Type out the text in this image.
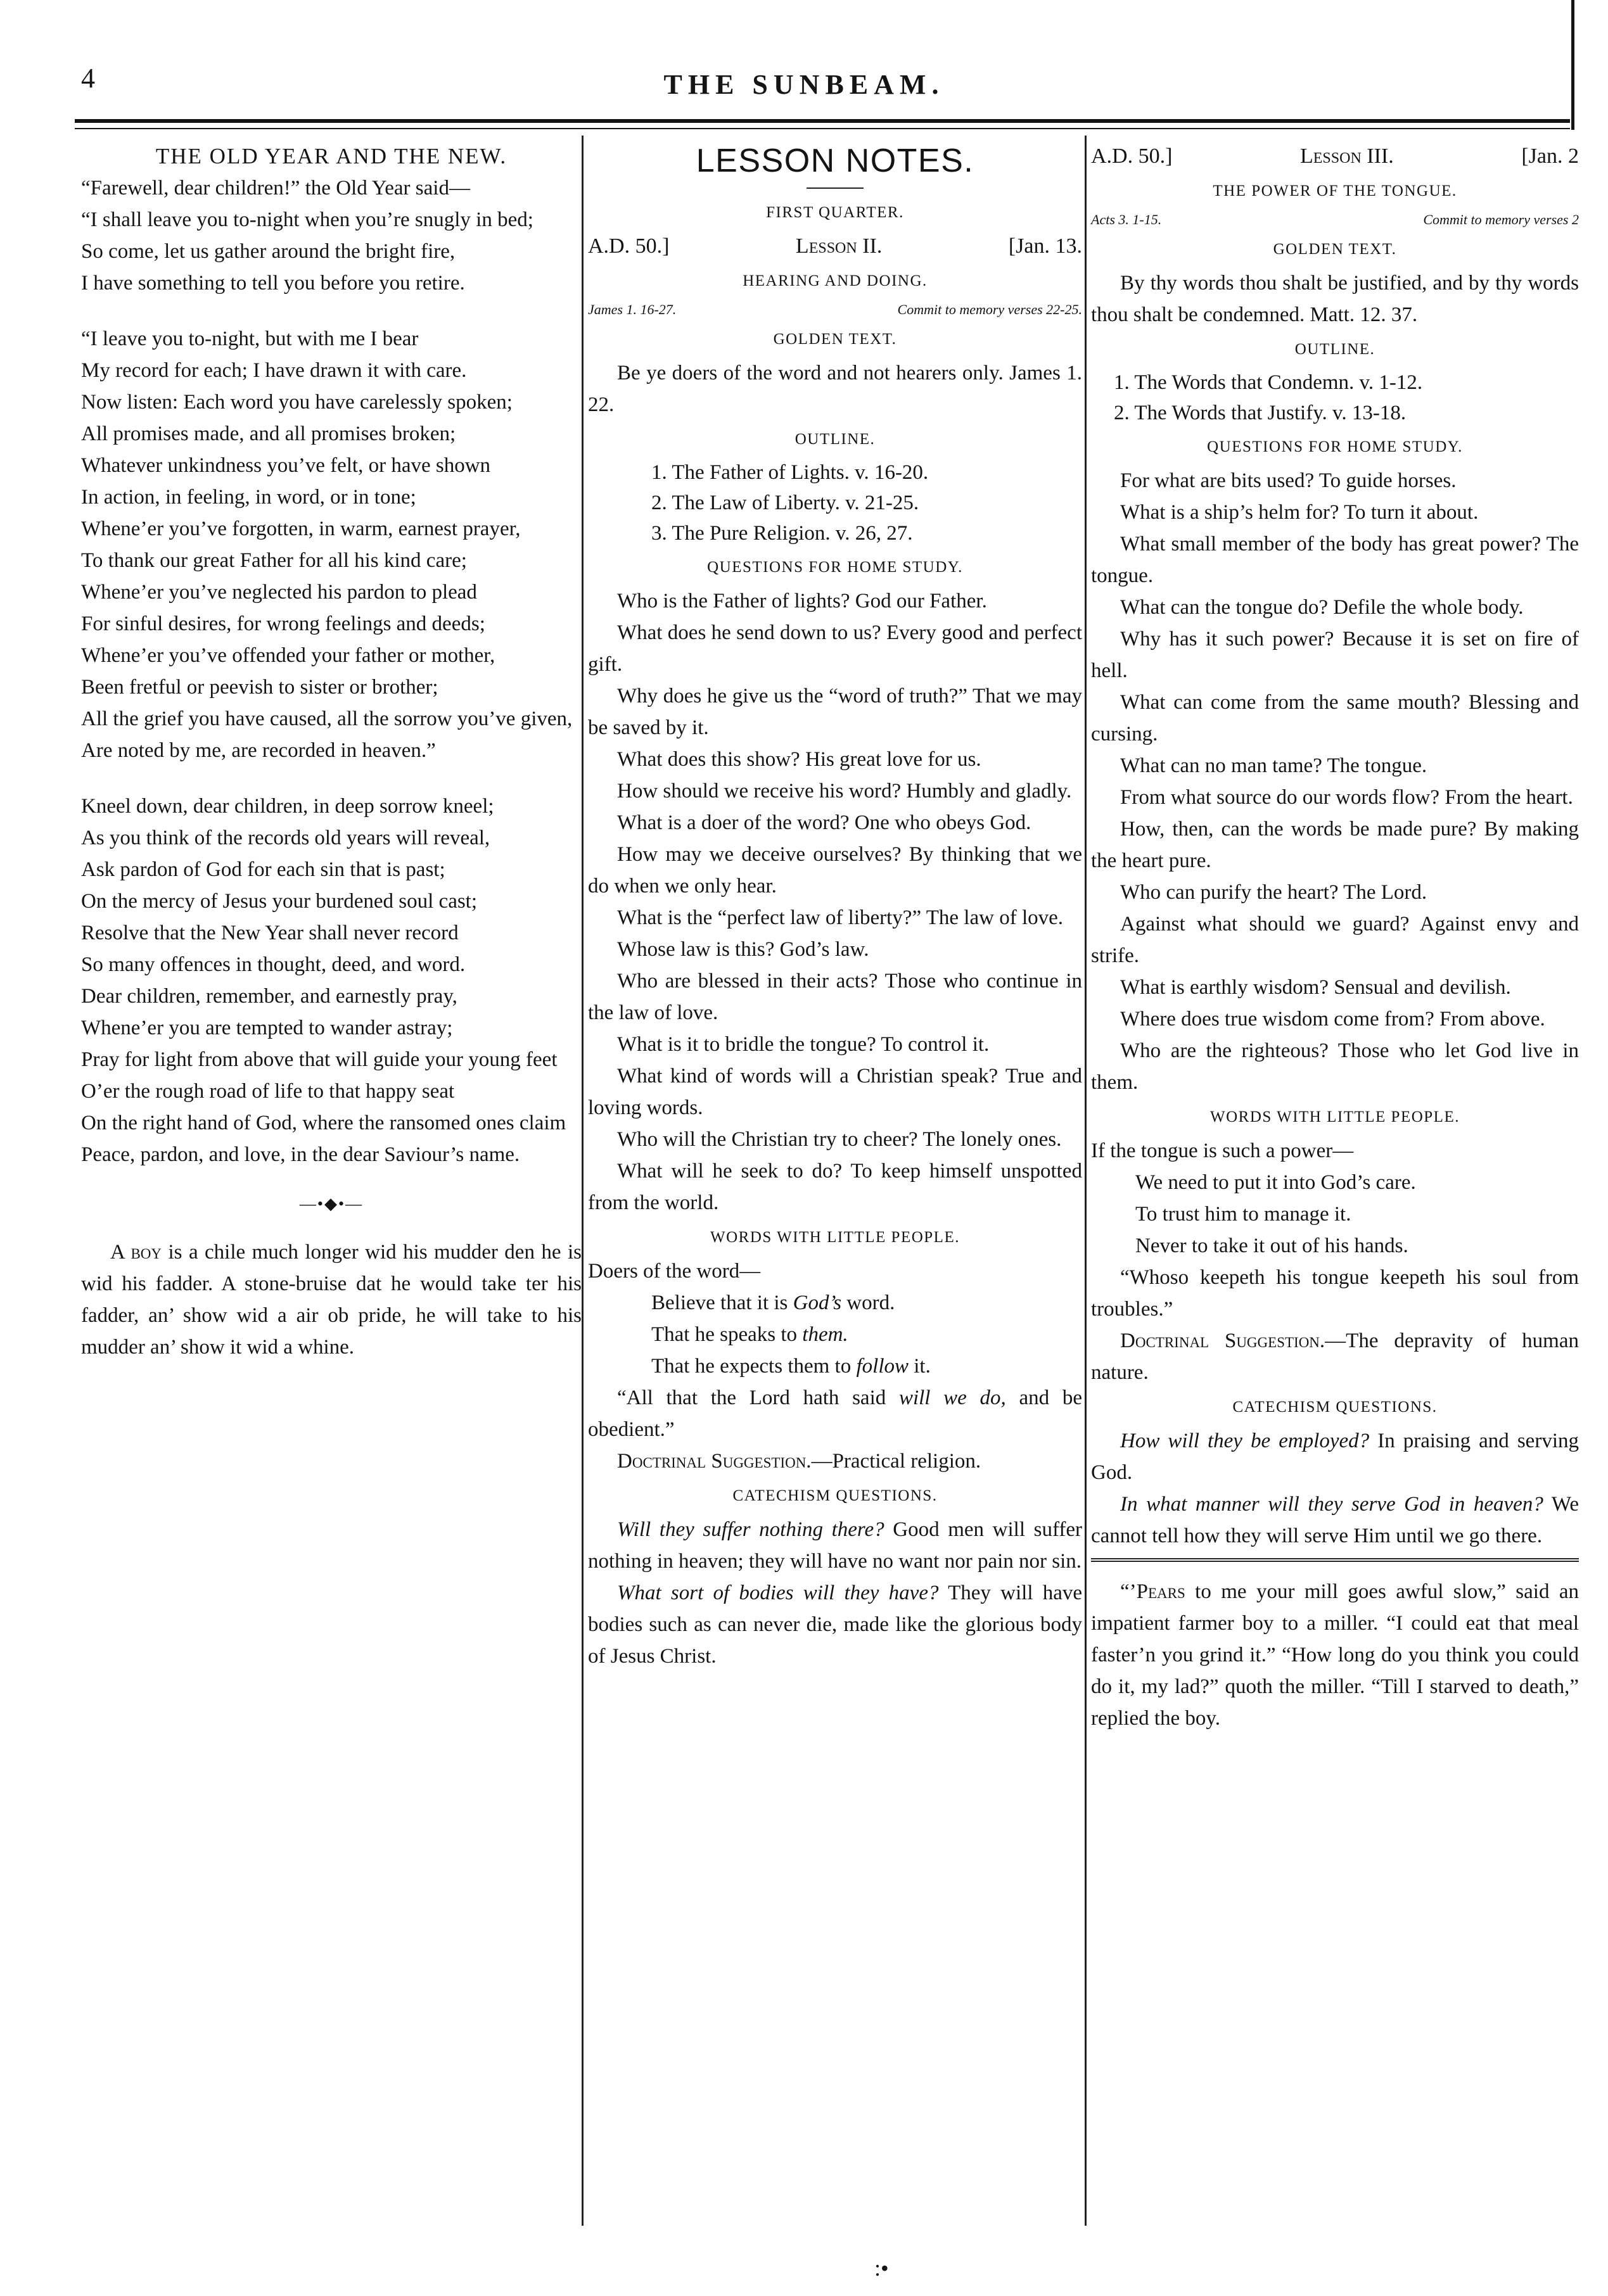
4	THE SUNBEAM.
THE OLD YEAR AND THE NEW.

“Farewell, dear children!” the Old Year said—

“I shall leave you to-night when you’re snugly in bed;

So come, let us gather around the bright fire,

I have something to tell you before you retire.

“I leave you to-night, but with me I bear

My record for each; I have drawn it with care.

Now listen: Each word you have carelessly spoken;

All promises made, and all promises broken;

Whatever unkindness you’ve felt, or have shown

In action, in feeling, in word, or in tone;

Whene’er you’ve forgotten, in warm, earnest prayer,

To thank our great Father for all his kind care;

Whene’er you’ve neglected his pardon to plead

For sinful desires, for wrong feelings and deeds;

Whene’er you’ve offended your father or mother,

Been fretful or peevish to sister or brother;

All the grief you have caused, all the sorrow you’ve given,

Are noted by me, are recorded in heaven.”

Kneel down, dear children, in deep sorrow kneel;

As you think of the records old years will reveal,

Ask pardon of God for each sin that is past;

On the mercy of Jesus your burdened soul cast;

Resolve that the New Year shall never record

So many offences in thought, deed, and word.

Dear children, remember, and earnestly pray,

Whene’er you are tempted to wander astray;

Pray for light from above that will guide your young feet

O’er the rough road of life to that happy seat

On the right hand of God, where the ransomed ones claim

Peace, pardon, and love, in the dear Saviour’s name.

—•◆•—

A boy is a chile much longer wid his mudder den he is wid his fadder. A stone-bruise dat he would take ter his fadder, an’ show wid a air ob pride, he will take to his mudder an’ show it wid a whine.

LESSON NOTES.
FIRST QUARTER.
A.D. 50.]	Lesson II.	[Jan. 13.
HEARING AND DOING.
James 1. 16-27.	Commit to memory verses 22-25.
GOLDEN TEXT.

Be ye doers of the word and not hearers only. James 1. 22.

OUTLINE.
1. The Father of Lights. v. 16-20.
2. The Law of Liberty. v. 21-25.
3. The Pure Religion. v. 26, 27.
QUESTIONS FOR HOME STUDY.

Who is the Father of lights? God our Father.

What does he send down to us? Every good and perfect gift.

Why does he give us the “word of truth?” That we may be saved by it.

What does this show? His great love for us.

How should we receive his word? Humbly and gladly.

What is a doer of the word? One who obeys God.

How may we deceive ourselves? By thinking that we do when we only hear.

What is the “perfect law of liberty?” The law of love.

Whose law is this? God’s law.

Who are blessed in their acts? Those who continue in the law of love.

What is it to bridle the tongue? To control it.

What kind of words will a Christian speak? True and loving words.

Who will the Christian try to cheer? The lonely ones.

What will he seek to do? To keep himself unspotted from the world.

WORDS WITH LITTLE PEOPLE.

Doers of the word—

Believe that it is God’s word.

That he speaks to them.

That he expects them to follow it.

“All that the Lord hath said will we do, and be obedient.”

Doctrinal Suggestion.—Practical religion.

CATECHISM QUESTIONS.

Will they suffer nothing there? Good men will suffer nothing in heaven; they will have no want nor pain nor sin.

What sort of bodies will they have? They will have bodies such as can never die, made like the glorious body of Jesus Christ.

A.D. 50.]	Lesson III.	[Jan. 2
THE POWER OF THE TONGUE.
Acts 3. 1-15.	Commit to memory verses 2
GOLDEN TEXT.

By thy words thou shalt be justified, and by thy words thou shalt be condemned. Matt. 12. 37.

OUTLINE.
1. The Words that Condemn. v. 1-12.
2. The Words that Justify. v. 13-18.
QUESTIONS FOR HOME STUDY.

For what are bits used? To guide horses.

What is a ship’s helm for? To turn it about.

What small member of the body has great power? The tongue.

What can the tongue do? Defile the whole body.

Why has it such power? Because it is set on fire of hell.

What can come from the same mouth? Blessing and cursing.

What can no man tame? The tongue.

From what source do our words flow? From the heart.

How, then, can the words be made pure? By making the heart pure.

Who can purify the heart? The Lord.

Against what should we guard? Against envy and strife.

What is earthly wisdom? Sensual and devilish.

Where does true wisdom come from? From above.

Who are the righteous? Those who let God live in them.

WORDS WITH LITTLE PEOPLE.

If the tongue is such a power—

We need to put it into God’s care.

To trust him to manage it.

Never to take it out of his hands.

“Whoso keepeth his tongue keepeth his soul from troubles.”

Doctrinal Suggestion.—The depravity of human nature.

CATECHISM QUESTIONS.

How will they be employed? In praising and serving God.

In what manner will they serve God in heaven? We cannot tell how they will serve Him until we go there.

“’Pears to me your mill goes awful slow,” said an impatient farmer boy to a miller. “I could eat that meal faster’n you grind it.” “How long do you think you could do it, my lad?” quoth the miller. “Till I starved to death,” replied the boy.

:•
